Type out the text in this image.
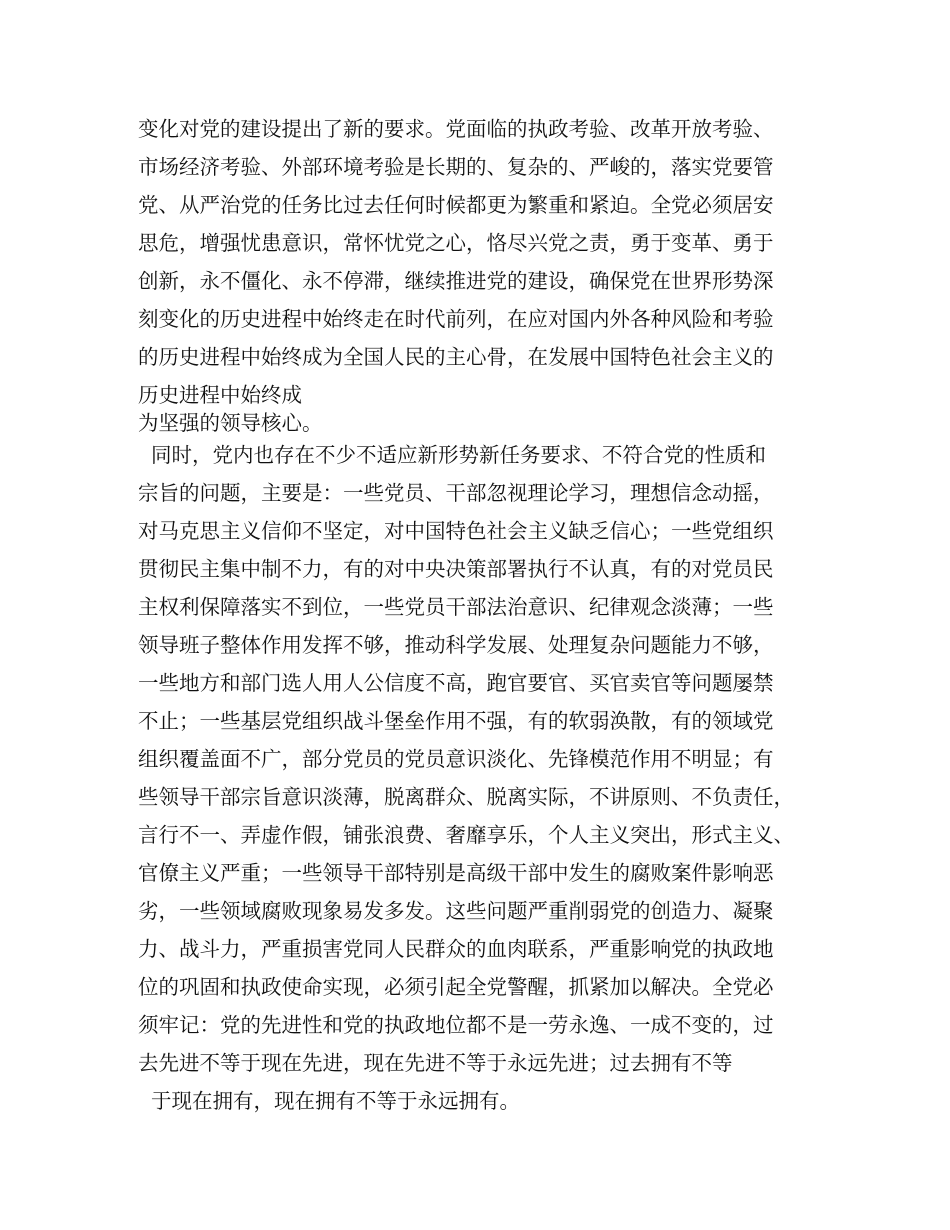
变化对党的建设提出了新的要求。党面临的执政考验、改革开放考验、

市场经济考验、外部环境考验是长期的、复杂的、严峻的，落实党要管

党、从严治党的任务比过去任何时候都更为繁重和紧迫。全党必须居安

思危，增强忧患意识，常怀忧党之心，恪尽兴党之责，勇于变革、勇于

创新，永不僵化、永不停滞，继续推进党的建设，确保党在世界形势深

刻变化的历史进程中始终走在时代前列，在应对国内外各种风险和考验

的历史进程中始终成为全国人民的主心骨，在发展中国特色社会主义的

历史进程中始终成

为坚强的领导核心。

同时，党内也存在不少不适应新形势新任务要求、不符合党的性质和

宗旨的问题，主要是：一些党员、干部忽视理论学习，理想信念动摇，

对马克思主义信仰不坚定，对中国特色社会主义缺乏信心；一些党组织

贯彻民主集中制不力，有的对中央决策部署执行不认真，有的对党员民

主权利保障落实不到位，一些党员干部法治意识、纪律观念淡薄；一些

领导班子整体作用发挥不够，推动科学发展、处理复杂问题能力不够，

一些地方和部门选人用人公信度不高，跑官要官、买官卖官等问题屡禁

不止；一些基层党组织战斗堡垒作用不强，有的软弱涣散，有的领域党

组织覆盖面不广，部分党员的党员意识淡化、先锋模范作用不明显；有

些领导干部宗旨意识淡薄，脱离群众、脱离实际，不讲原则、不负责任，

言行不一、弄虚作假，铺张浪费、奢靡享乐，个人主义突出，形式主义、

官僚主义严重；一些领导干部特别是高级干部中发生的腐败案件影响恶

劣，一些领域腐败现象易发多发。这些问题严重削弱党的创造力、凝聚

力、战斗力，严重损害党同人民群众的血肉联系，严重影响党的执政地

位的巩固和执政使命实现，必须引起全党警醒，抓紧加以解决。全党必

须牢记：党的先进性和党的执政地位都不是一劳永逸、一成不变的，过

去先进不等于现在先进，现在先进不等于永远先进；过去拥有不等

于现在拥有，现在拥有不等于永远拥有。
